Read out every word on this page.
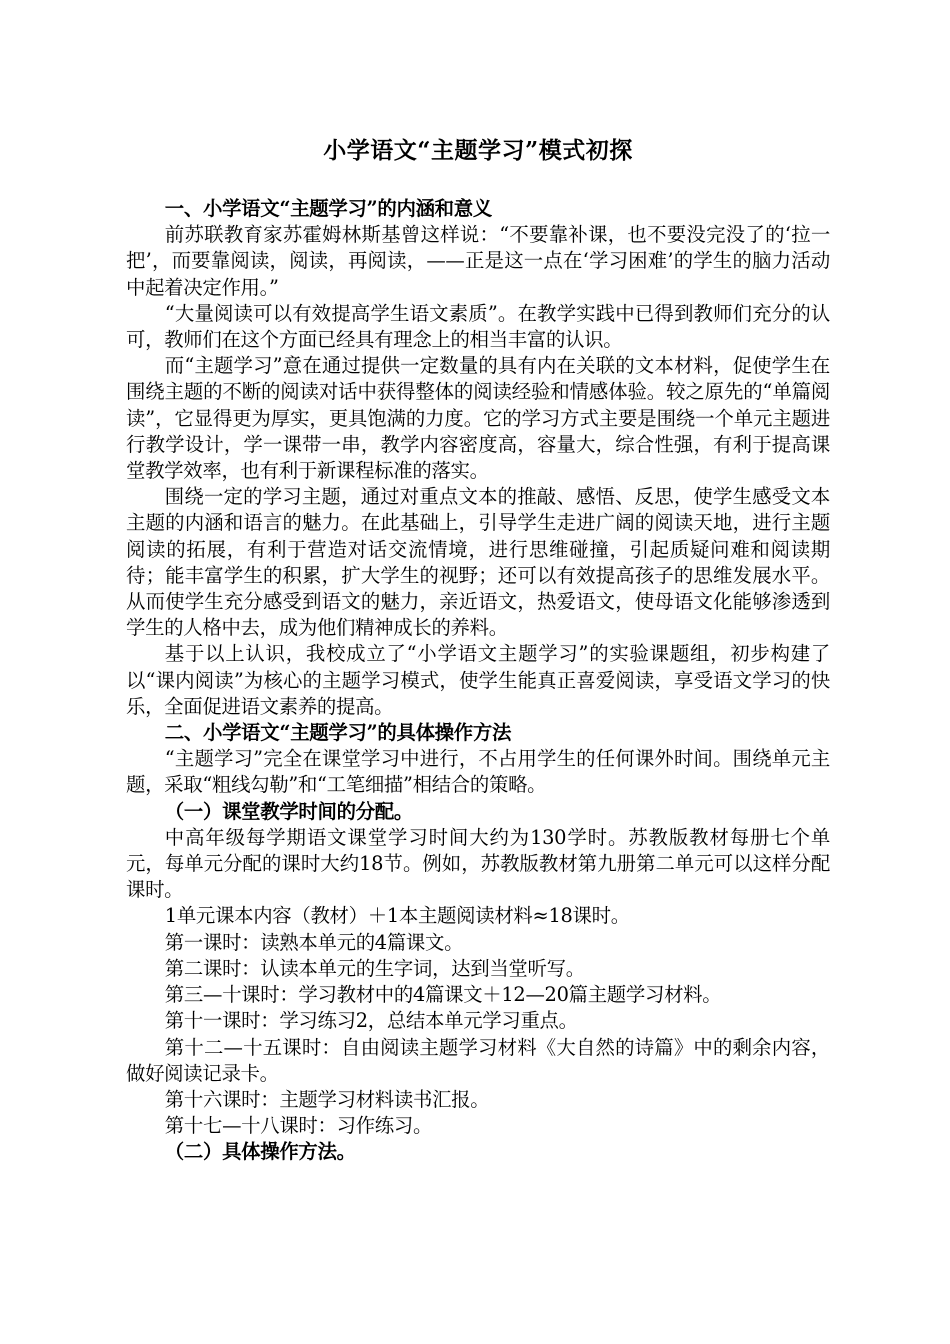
小学语文“主题学习”模式初探

一、小学语文“主题学习”的内涵和意义

前苏联教育家苏霍姆林斯基曾这样说：“不要靠补课，也不要没完没了的‘拉一把’，而要靠阅读，阅读，再阅读，——正是这一点在‘学习困难’的学生的脑力活动中起着决定作用。”

“大量阅读可以有效提高学生语文素质”。在教学实践中已得到教师们充分的认可，教师们在这个方面已经具有理念上的相当丰富的认识。

而“主题学习”意在通过提供一定数量的具有内在关联的文本材料，促使学生在围绕主题的不断的阅读对话中获得整体的阅读经验和情感体验。较之原先的“单篇阅读”，它显得更为厚实，更具饱满的力度。它的学习方式主要是围绕一个单元主题进行教学设计，学一课带一串，教学内容密度高，容量大，综合性强，有利于提高课堂教学效率，也有利于新课程标准的落实。

围绕一定的学习主题，通过对重点文本的推敲、感悟、反思，使学生感受文本主题的内涵和语言的魅力。在此基础上，引导学生走进广阔的阅读天地，进行主题阅读的拓展，有利于营造对话交流情境，进行思维碰撞，引起质疑问难和阅读期待；能丰富学生的积累，扩大学生的视野；还可以有效提高孩子的思维发展水平。从而使学生充分感受到语文的魅力，亲近语文，热爱语文，使母语文化能够渗透到学生的人格中去，成为他们精神成长的养料。

基于以上认识，我校成立了“小学语文主题学习”的实验课题组，初步构建了以“课内阅读”为核心的主题学习模式，使学生能真正喜爱阅读，享受语文学习的快乐，全面促进语文素养的提高。

二、小学语文“主题学习”的具体操作方法

“主题学习”完全在课堂学习中进行，不占用学生的任何课外时间。围绕单元主题，采取“粗线勾勒”和“工笔细描”相结合的策略。

（一）课堂教学时间的分配。

中高年级每学期语文课堂学习时间大约为130学时。苏教版教材每册七个单元，每单元分配的课时大约18节。例如，苏教版教材第九册第二单元可以这样分配课时。

1单元课本内容（教材）＋1本主题阅读材料≈18课时。

第一课时：读熟本单元的4篇课文。

第二课时：认读本单元的生字词，达到当堂听写。

第三—十课时：学习教材中的4篇课文＋12—20篇主题学习材料。

第十一课时：学习练习2，总结本单元学习重点。

第十二—十五课时：自由阅读主题学习材料《大自然的诗篇》中的剩余内容，做好阅读记录卡。

第十六课时：主题学习材料读书汇报。

第十七—十八课时：习作练习。

（二）具体操作方法。
